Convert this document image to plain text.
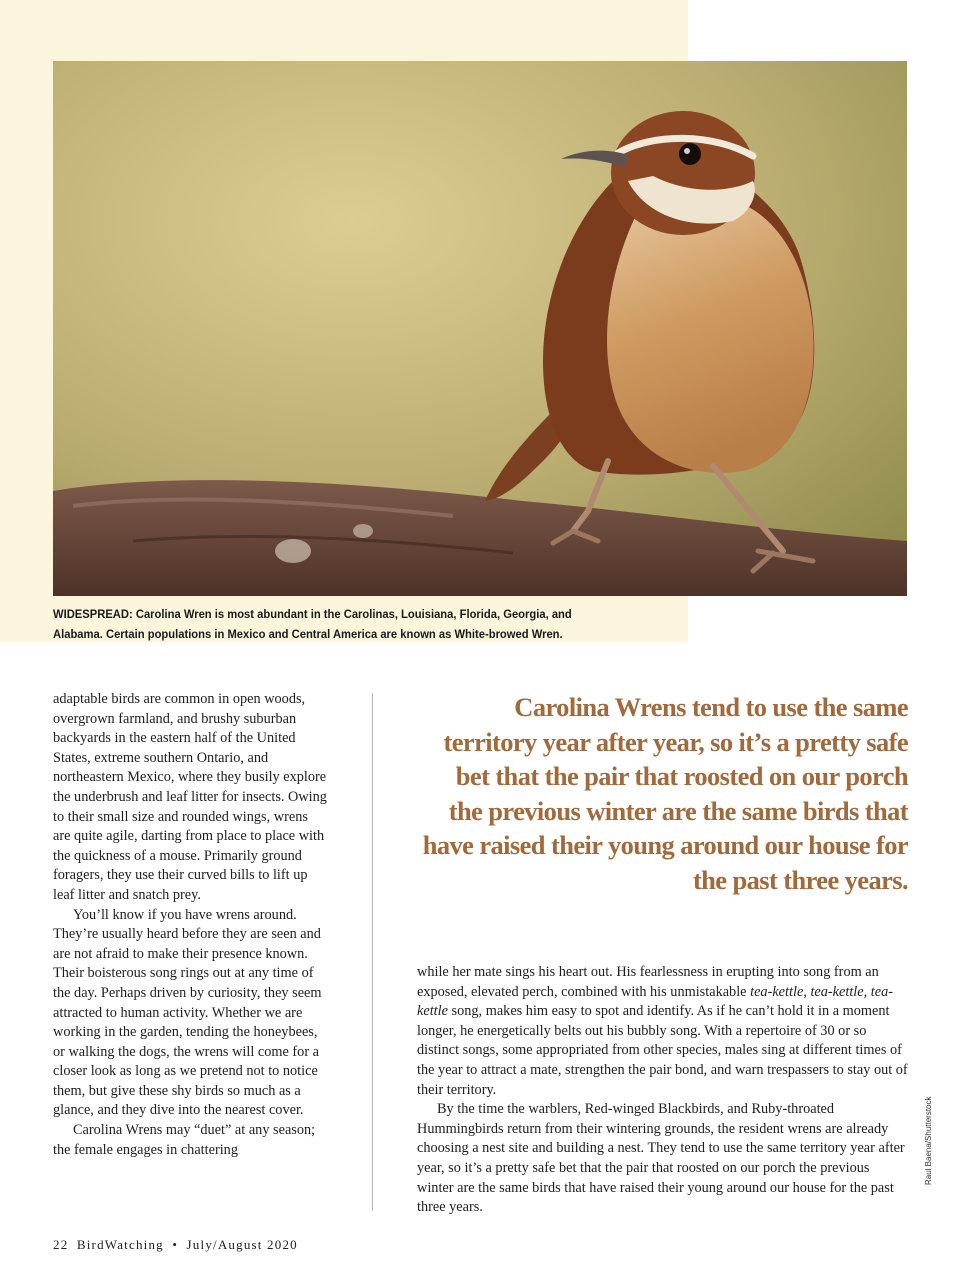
WIDESPREAD: Carolina Wren is most abundant in the Carolinas, Louisiana, Florida, Georgia, and Alabama. Certain populations in Mexico and Central America are known as White-browed Wren.

adaptable birds are common in open woods, overgrown farmland, and brushy suburban backyards in the eastern half of the United States, extreme southern Ontario, and northeastern Mexico, where they busily explore the underbrush and leaf litter for insects. Owing to their small size and rounded wings, wrens are quite agile, darting from place to place with the quickness of a mouse. Primarily ground foragers, they use their curved bills to lift up leaf litter and snatch prey.

You’ll know if you have wrens around. They’re usually heard before they are seen and are not afraid to make their presence known. Their boisterous song rings out at any time of the day. Perhaps driven by curiosity, they seem attracted to human activity. Whether we are working in the garden, tending the honeybees, or walking the dogs, the wrens will come for a closer look as long as we pretend not to notice them, but give these shy birds so much as a glance, and they dive into the nearest cover.

Carolina Wrens may “duet” at any season; the female engages in chattering

Carolina Wrens tend to use the same territory year after year, so it’s a pretty safe bet that the pair that roosted on our porch the previous winter are the same birds that have raised their young around our house for the past three years.

while her mate sings his heart out. His fearlessness in erupting into song from an exposed, elevated perch, combined with his unmistakable tea-kettle, tea-kettle, tea-kettle song, makes him easy to spot and identify. As if he can’t hold it in a moment longer, he energetically belts out his bubbly song. With a repertoire of 30 or so distinct songs, some appropriated from other species, males sing at different times of the year to attract a mate, strengthen the pair bond, and warn trespassers to stay out of their territory.

By the time the warblers, Red-winged Blackbirds, and Ruby-throated Hummingbirds return from their wintering grounds, the resident wrens are already choosing a nest site and building a nest. They tend to use the same territory year after year, so it’s a pretty safe bet that the pair that roosted on our porch the previous winter are the same birds that have raised their young around our house for the past three years.

Raul Baena/Shutterstock
22 BirdWatching • July/August 2020
